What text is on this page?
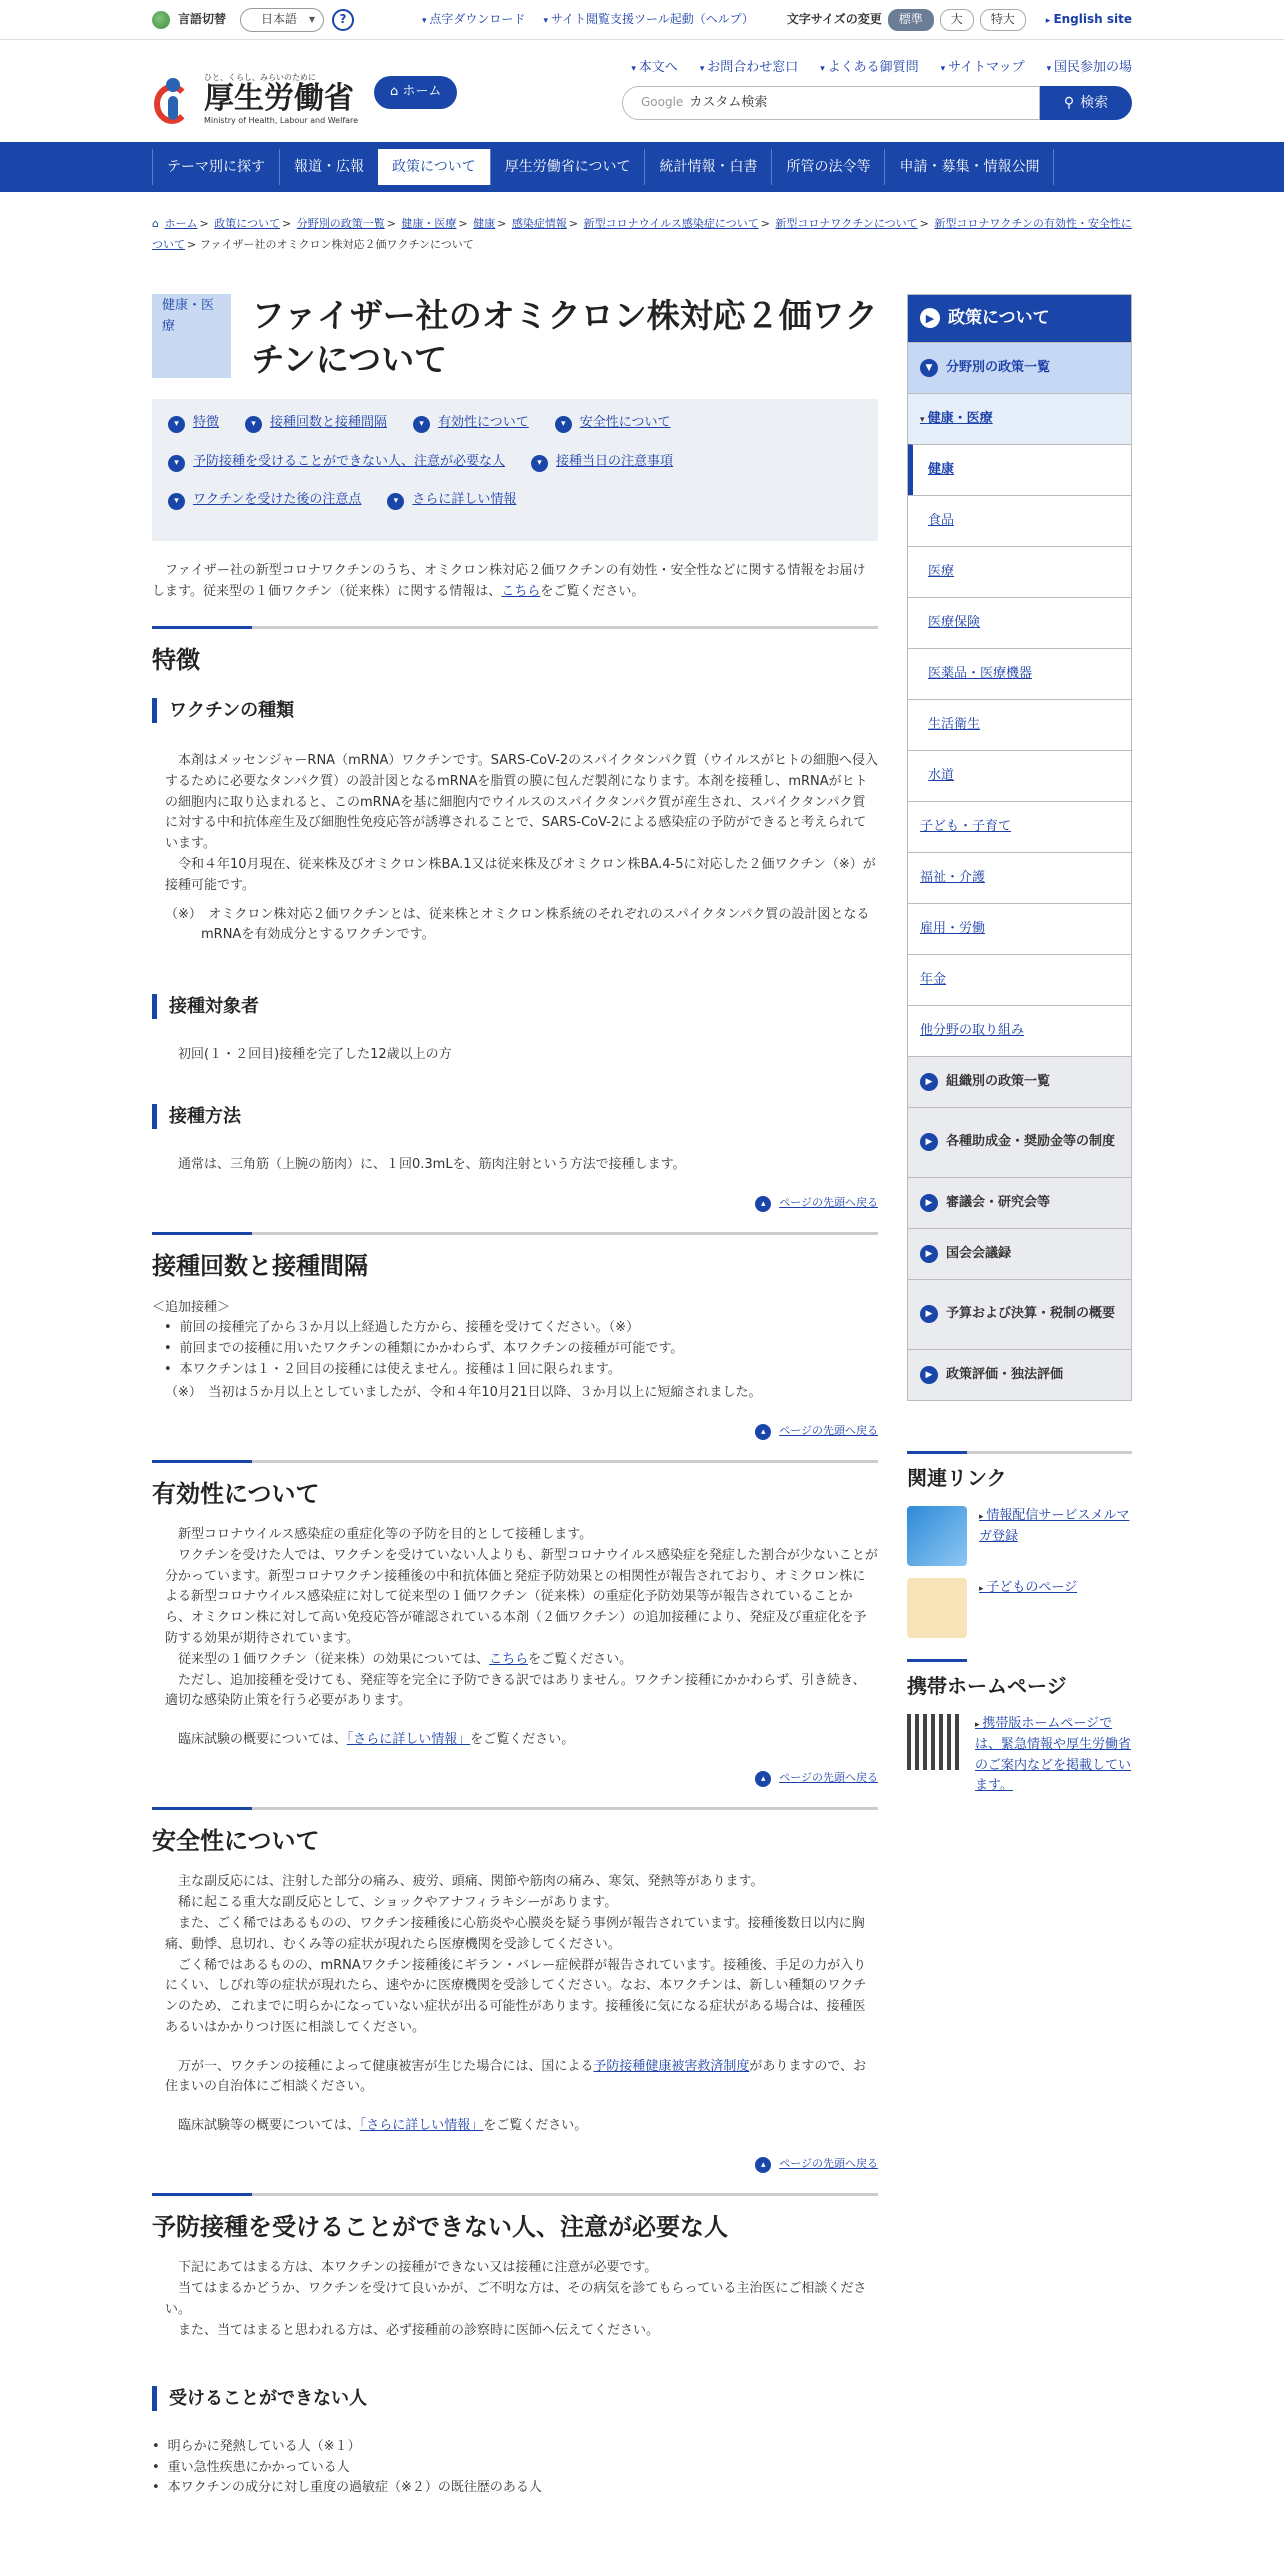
言語切替	日本語 ▾	?	▾ 点字ダウンロード	▾ サイト閲覧支援ツール起動（ヘルプ）	文字サイズの変更	標準	大	特大	▸ English site
ひと、くらし、みらいのために
厚生労働省
Ministry of Health, Labour and Welfare
⌂ ホーム
▾ 本文へ	▾ お問合わせ窓口	▾ よくある御質問	▾ サイトマップ	▾ 国民参加の場
Google カスタム検索	⚲ 検索
テーマ別に探す	報道・広報	政策について	厚生労働省について	統計情報・白書	所管の法令等	申請・募集・情報公開
⌂ ホーム > 政策について > 分野別の政策一覧 > 健康・医療 > 健康 > 感染症情報 > 新型コロナウイルス感染症について > 新型コロナワクチンについて > 新型コロナワクチンの有効性・安全性について > ファイザー社のオミクロン株対応２価ワクチンについて
健康・医療	ファイザー社のオミクロン株対応２価ワクチンについて
▾ 特徴	▾ 接種回数と接種間隔	▾ 有効性について	▾ 安全性について
▾ 予防接種を受けることができない人、注意が必要な人	▾ 接種当日の注意事項
▾ ワクチンを受けた後の注意点	▾ さらに詳しい情報

ファイザー社の新型コロナワクチンのうち、オミクロン株対応２価ワクチンの有効性・安全性などに関する情報をお届けします。従来型の１価ワクチン（従来株）に関する情報は、こちらをご覧ください。

特徴
ワクチンの種類
本剤はメッセンジャーRNA（mRNA）ワクチンです。SARS-CoV-2のスパイクタンパク質（ウイルスがヒトの細胞へ侵入するために必要なタンパク質）の設計図となるmRNAを脂質の膜に包んだ製剤になります。本剤を接種し、mRNAがヒトの細胞内に取り込まれると、このmRNAを基に細胞内でウイルスのスパイクタンパク質が産生され、スパイクタンパク質に対する中和抗体産生及び細胞性免疫応答が誘導されることで、SARS-CoV-2による感染症の予防ができると考えられています。
令和４年10月現在、従来株及びオミクロン株BA.1又は従来株及びオミクロン株BA.4-5に対応した２価ワクチン（※）が接種可能です。
（※）　オミクロン株対応２価ワクチンとは、従来株とオミクロン株系統のそれぞれのスパイクタンパク質の設計図となるmRNAを有効成分とするワクチンです。
接種対象者
初回(１・２回目)接種を完了した12歳以上の方
接種方法
通常は、三角筋（上腕の筋肉）に、１回0.3mLを、筋肉注射という方法で接種します。
▴ ページの先頭へ戻る
接種回数と接種間隔
＜追加接種＞
• 前回の接種完了から３か月以上経過した方から、接種を受けてください。（※）
• 前回までの接種に用いたワクチンの種類にかかわらず、本ワクチンの接種が可能です。
• 本ワクチンは１・２回目の接種には使えません。接種は１回に限られます。
（※）　当初は５か月以上としていましたが、令和４年10月21日以降、３か月以上に短縮されました。
▴ ページの先頭へ戻る
有効性について
新型コロナウイルス感染症の重症化等の予防を目的として接種します。
ワクチンを受けた人では、ワクチンを受けていない人よりも、新型コロナウイルス感染症を発症した割合が少ないことが分かっています。新型コロナワクチン接種後の中和抗体価と発症予防効果との相関性が報告されており、オミクロン株による新型コロナウイルス感染症に対して従来型の１価ワクチン（従来株）の重症化予防効果等が報告されていることから、オミクロン株に対して高い免疫応答が確認されている本剤（２価ワクチン）の追加接種により、発症及び重症化を予防する効果が期待されています。
従来型の１価ワクチン（従来株）の効果については、こちらをご覧ください。
ただし、追加接種を受けても、発症等を完全に予防できる訳ではありません。ワクチン接種にかかわらず、引き続き、適切な感染防止策を行う必要があります。
臨床試験の概要については、「さらに詳しい情報」をご覧ください。
▴ ページの先頭へ戻る
安全性について
主な副反応には、注射した部分の痛み、疲労、頭痛、関節や筋肉の痛み、寒気、発熱等があります。
稀に起こる重大な副反応として、ショックやアナフィラキシーがあります。
また、ごく稀ではあるものの、ワクチン接種後に心筋炎や心膜炎を疑う事例が報告されています。接種後数日以内に胸痛、動悸、息切れ、むくみ等の症状が現れたら医療機関を受診してください。
ごく稀ではあるものの、mRNAワクチン接種後にギラン・バレー症候群が報告されています。接種後、手足の力が入りにくい、しびれ等の症状が現れたら、速やかに医療機関を受診してください。なお、本ワクチンは、新しい種類のワクチンのため、これまでに明らかになっていない症状が出る可能性があります。接種後に気になる症状がある場合は、接種医あるいはかかりつけ医に相談してください。
万が一、ワクチンの接種によって健康被害が生じた場合には、国による予防接種健康被害救済制度がありますので、お住まいの自治体にご相談ください。
臨床試験等の概要については、「さらに詳しい情報」をご覧ください。
▴ ページの先頭へ戻る
予防接種を受けることができない人、注意が必要な人
下記にあてはまる方は、本ワクチンの接種ができない又は接種に注意が必要です。
当てはまるかどうか、ワクチンを受けて良いかが、ご不明な方は、その病気を診てもらっている主治医にご相談ください。
また、当てはまると思われる方は、必ず接種前の診察時に医師へ伝えてください。
受けることができない人
• 明らかに発熱している人（※１）
• 重い急性疾患にかかっている人
• 本ワクチンの成分に対し重度の過敏症（※２）の既往歴のある人
▶ 政策について
▼	分野別の政策一覧
▾ 健康・医療
健康
食品
医療
医療保険
医薬品・医療機器
生活衛生
水道
子ども・子育て
福祉・介護
雇用・労働
年金
他分野の取り組み
▶	組織別の政策一覧
▶	各種助成金・奨励金等の制度
▶	審議会・研究会等
▶	国会会議録
▶	予算および決算・税制の概要
▶	政策評価・独法評価
関連リンク
▸ 情報配信サービスメルマガ登録
▸ 子どものページ
携帯ホームページ
▸ 携帯版ホームページでは、緊急情報や厚生労働省のご案内などを掲載しています。
